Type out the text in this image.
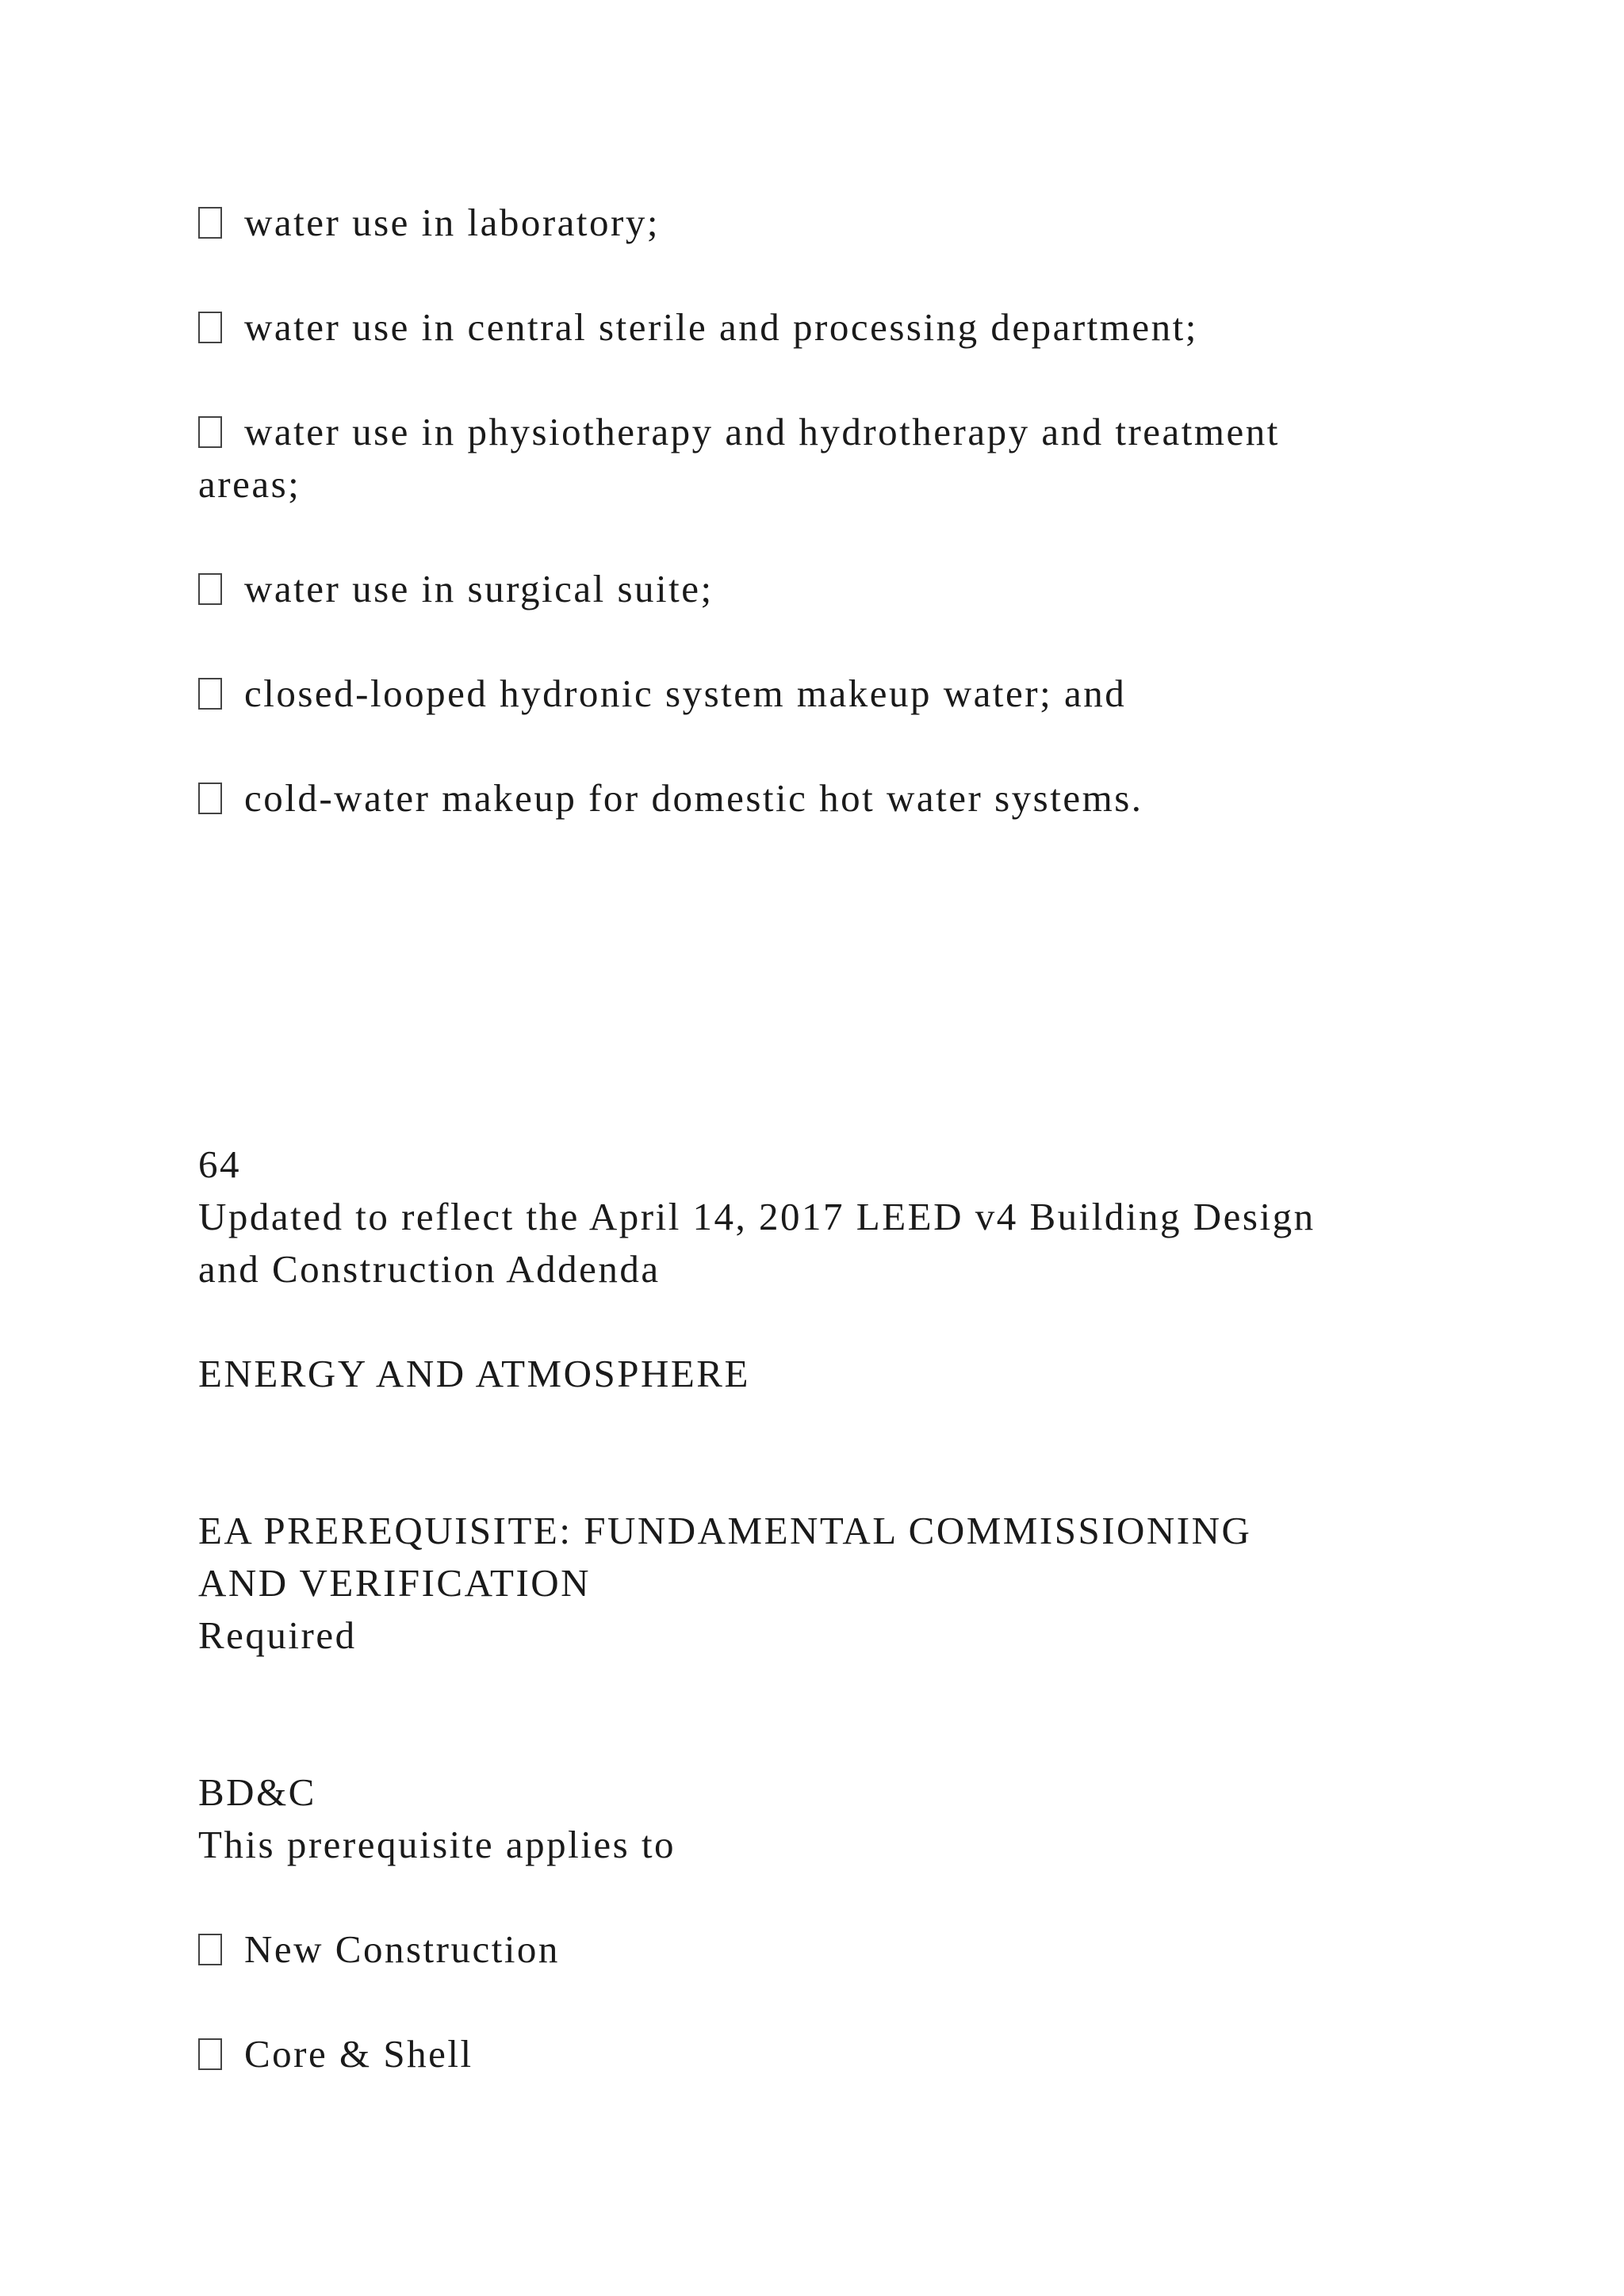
water use in laboratory;
water use in central sterile and processing department;
water use in physiotherapy and hydrotherapy and treatment
areas;
water use in surgical suite;
closed-looped hydronic system makeup water; and
cold-water makeup for domestic hot water systems.
64
Updated to reflect the April 14, 2017 LEED v4 Building Design
and Construction Addenda
ENERGY AND ATMOSPHERE
EA PREREQUISITE: FUNDAMENTAL COMMISSIONING
AND VERIFICATION
Required
BD&C
This prerequisite applies to
New Construction
Core & Shell
